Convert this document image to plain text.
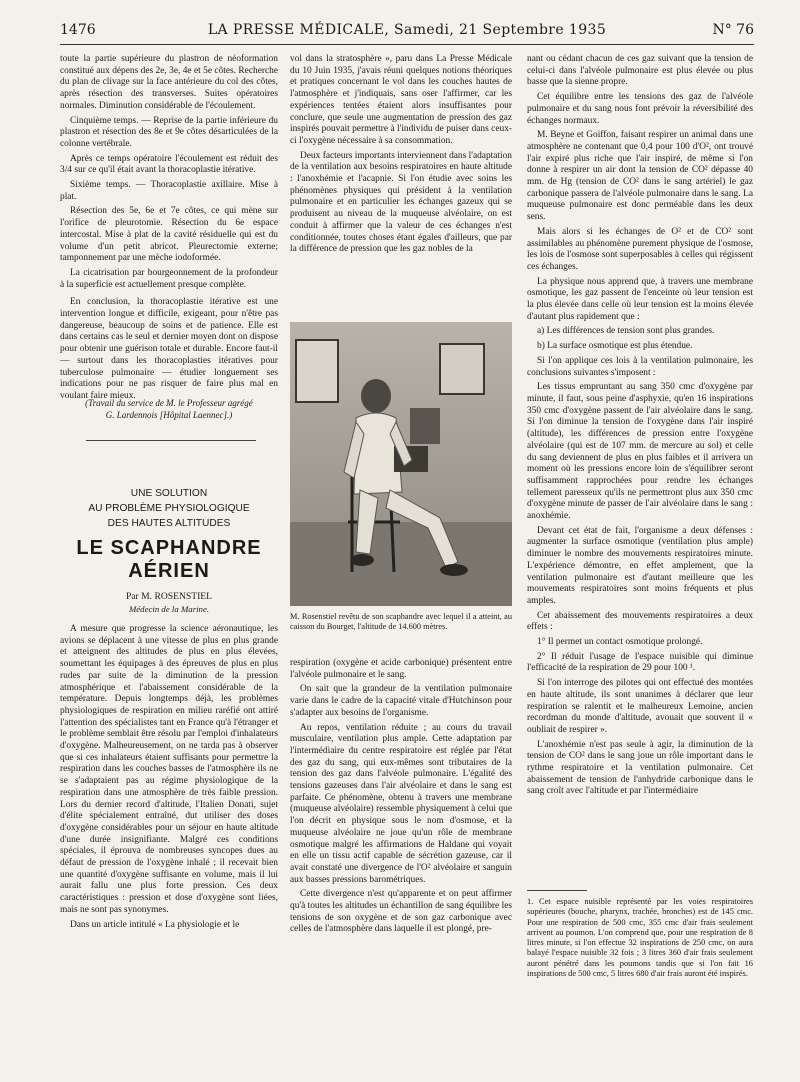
1476	LA PRESSE MÉDICALE, Samedi, 21 Septembre 1935	N° 76

toute la partie supérieure du plastron de néoformation constitué aux dépens des 2e, 3e, 4e et 5e côtes. Recherche du plan de clivage sur la face antérieure du col des côtes, après résection des transverses. Suites opératoires normales. Diminution considérable de l'écoulement.

Cinquième temps. — Reprise de la partie inférieure du plastron et résection des 8e et 9e côtes désarticulées de la colonne vertébrale.

Après ce temps opératoire l'écoulement est réduit des 3/4 sur ce qu'il était avant la thoracoplastie itérative.

Sixième temps. — Thoracoplastie axillaire. Mise à plat.

Résection des 5e, 6e et 7e côtes, ce qui mène sur l'orifice de pleurotomie. Résection du 6e espace intercostal. Mise à plat de la cavité résiduelle qui est du volume d'un petit abricot. Pleurectomie externe; tamponnement par une mèche iodoformée.

La cicatrisation par bourgeonnement de la profondeur à la superficie est actuellement presque complète.

En conclusion, la thoracoplastie itérative est une intervention longue et difficile, exigeant, pour n'être pas dangereuse, beaucoup de soins et de patience. Elle est dans certains cas le seul et dernier moyen dont on dispose pour obtenir une guérison totale et durable. Encore faut-il — surtout dans les thoracoplasties itératives pour tuberculose pulmonaire — étudier longuement ses indications pour ne pas risquer de faire plus mal en voulant faire mieux.

(Travail du service de M. le Professeur agrégé
G. Lardennois [Hôpital Laennec].)
UNE SOLUTION
AU PROBLÈME PHYSIOLOGIQUE
DES HAUTES ALTITUDES
LE SCAPHANDRE AÉRIEN
Par M. ROSENSTIEL
Médecin de la Marine.

A mesure que progresse la science aéronautique, les avions se déplacent à une vitesse de plus en plus grande et atteignent des altitudes de plus en plus élevées, soumettant les équipages à des épreuves de plus en plus rudes par suite de la diminution de la pression atmosphérique et l'abaissement considérable de la température. Depuis longtemps déjà, les problèmes physiologiques de respiration en milieu raréfié ont attiré l'attention des spécialistes tant en France qu'à l'étranger et le problème semblait être résolu par l'emploi d'inhalateurs d'oxygène. Malheureusement, on ne tarda pas à observer que si ces inhalateurs étaient suffisants pour permettre la respiration dans les couches basses de l'atmosphère ils ne se s'adaptaient pas au régime physiologique de la respiration dans une atmosphère de très faible pression. Lors du dernier record d'altitude, l'Italien Donati, sujet d'élite spécialement entraîné, dut utiliser des doses d'oxygène considérables pour un séjour en haute altitude d'une durée insignifiante. Malgré ces conditions spéciales, il éprouva de nombreuses syncopes dues au défaut de pression de l'oxygène inhalé ; il recevait bien une quantité d'oxygène suffisante en volume, mais il lui aurait fallu une plus forte pression. Ces deux caractéristiques : pression et dose d'oxygène sont liées, mais ne sont pas synonymes.

Dans un article intitulé « La physiologie et le

vol dans la stratosphère », paru dans La Presse Médicale du 10 Juin 1935, j'avais réuni quelques notions théoriques et pratiques concernant le vol dans les couches hautes de l'atmosphère et j'indiquais, sans oser l'affirmer, car les expériences tentées étaient alors insuffisantes pour conclure, que seule une augmentation de pression des gaz inspirés pouvait permettre à l'individu de puiser dans ceux-ci l'oxygène nécessaire à sa consommation.

Deux facteurs importants interviennent dans l'adaptation de la ventilation aux besoins respiratoires en haute altitude : l'anoxhémie et l'acapnie. Si l'on étudie avec soins les phénomènes physiques qui président à la ventilation pulmonaire et en particulier les échanges gazeux qui se produisent au niveau de la muqueuse alvéolaire, on est conduit à affirmer que la valeur de ces échanges n'est conditionnée, toutes choses étant égales d'ailleurs, que par la différence de pression que les gaz nobles de la

M. Rosenstiel revêtu de son scaphandre avec lequel il a atteint, au caisson du Bourget, l'altitude de 14.600 mètres.

respiration (oxygène et acide carbonique) présentent entre l'alvéole pulmonaire et le sang.

On sait que la grandeur de la ventilation pulmonaire varie dans le cadre de la capacité vitale d'Hutchinson pour s'adapter aux besoins de l'organisme.

Au repos, ventilation réduite ; au cours du travail musculaire, ventilation plus ample. Cette adaptation par l'intermédiaire du centre respiratoire est réglée par l'état des gaz du sang, qui eux-mêmes sont tributaires de la tension des gaz dans l'alvéole pulmonaire. L'égalité des tensions gazeuses dans l'air alvéolaire et dans le sang est parfaite. Ce phénomène, obtenu à travers une membrane (muqueuse alvéolaire) ressemble physiquement à celui que l'on décrit en physique sous le nom d'osmose, et la muqueuse alvéolaire ne joue qu'un rôle de membrane osmotique malgré les affirmations de Haldane qui voyait en elle un tissu actif capable de sécrétion gazeuse, car il avait constaté une divergence de l'O² alvéolaire et sanguin aux basses pressions barométriques.

Cette divergence n'est qu'apparente et on peut affirmer qu'à toutes les altitudes un échantillon de sang équilibre les tensions de son oxygène et de son gaz carbonique avec celles de l'atmosphère dans laquelle il est plongé, pre-

nant ou cédant chacun de ces gaz suivant que la tension de celui-ci dans l'alvéole pulmonaire est plus élevée ou plus basse que la sienne propre.

Cet équilibre entre les tensions des gaz de l'alvéole pulmonaire et du sang nous font prévoir la réversibilité des échanges normaux.

M. Beyne et Goiffon, faisant respirer un animal dans une atmosphère ne contenant que 0,4 pour 100 d'O², ont trouvé l'air expiré plus riche que l'air inspiré, de même si l'on donne à respirer un air dont la tension de CO² dépasse 40 mm. de Hg (tension de CO² dans le sang artériel) le gaz carbonique passera de l'alvéole pulmonaire dans le sang. La muqueuse pulmonaire est donc perméable dans les deux sens.

Mais alors si les échanges de O² et de CO² sont assimilables au phénomène purement physique de l'osmose, les lois de l'osmose sont superposables à celles qui régissent ces échanges.

La physique nous apprend que, à travers une membrane osmotique, les gaz passent de l'enceinte où leur tension est la plus élevée dans celle où leur tension est la moins élevée d'autant plus rapidement que :

a) Les différences de tension sont plus grandes.

b) La surface osmotique est plus étendue.

Si l'on applique ces lois à la ventilation pulmonaire, les conclusions suivantes s'imposent :

Les tissus empruntant au sang 350 cmc d'oxygène par minute, il faut, sous peine d'asphyxie, qu'en 16 inspirations 350 cmc d'oxygène passent de l'air alvéolaire dans le sang. Si l'on diminue la tension de l'oxygène dans l'air inspiré (altitude), les différences de pression entre l'oxygène alvéolaire (qui est de 107 mm. de mercure au sol) et celle du sang deviennent de plus en plus faibles et il arrivera un moment où les pressions encore loin de s'équilibrer seront suffisamment rapprochées pour rendre les échanges tellement paresseux qu'ils ne permettront plus aux 350 cmc d'oxygène minute de passer de l'air alvéolaire dans le sang : anoxhémie.

Devant cet état de fait, l'organisme a deux défenses : augmenter la surface osmotique (ventilation plus ample) diminuer le nombre des mouvements respiratoires minute. L'expérience démontre, en effet amplement, que la ventilation pulmonaire est d'autant meilleure que les mouvements respiratoires sont moins fréquents et plus amples.

Cet abaissement des mouvements respiratoires a deux effets :

1° Il permet un contact osmotique prolongé.

2° Il réduit l'usage de l'espace nuisible qui diminue l'efficacité de la respiration de 29 pour 100 ¹.

Si l'on interroge des pilotes qui ont effectué des montées en haute altitude, ils sont unanimes à déclarer que leur respiration se ralentit et le malheureux Lemoine, ancien recordman du monde d'altitude, avouait que souvent il « oubliait de respirer ».

L'anoxhémie n'est pas seule à agir, la diminution de la tension de CO² dans le sang joue un rôle important dans le rythme respiratoire et la ventilation pulmonaire. Cet abaissement de tension de l'anhydride carbonique dans le sang croît avec l'altitude et par l'intermédiaire

1. Cet espace nuisible représenté par les voies respiratoires supérieures (bouche, pharynx, trachée, bronches) est de 145 cmc. Pour une respiration de 500 cmc, 355 cmc d'air frais seulement arrivent au poumon. L'on comprend que, pour une respiration de 8 litres minute, si l'on effectue 32 inspirations de 250 cmc, on aura balayé l'espace nuisible 32 fois ; 3 litres 360 d'air frais seulement auront pénétré dans les poumons tandis que si l'on fait 16 inspirations de 500 cmc, 5 litres 680 d'air frais auront été inspirés.
